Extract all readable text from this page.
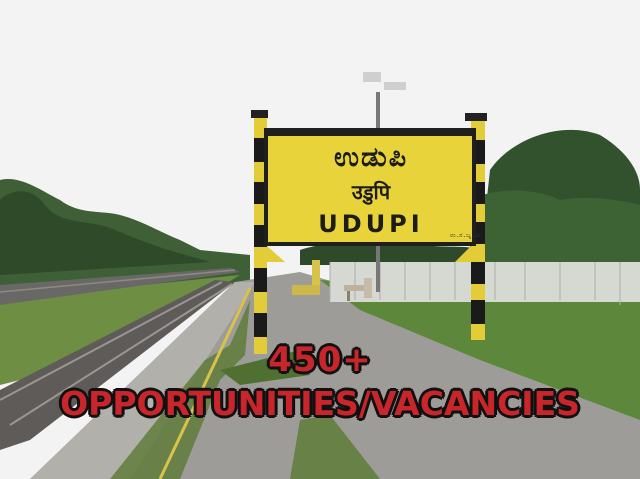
ಉಡುಪಿ
उडुपि
UDUPI	ಉ.ನ.ಬೃ.ಮಿ
450+
OPPORTUNITIES/VACANCIES
